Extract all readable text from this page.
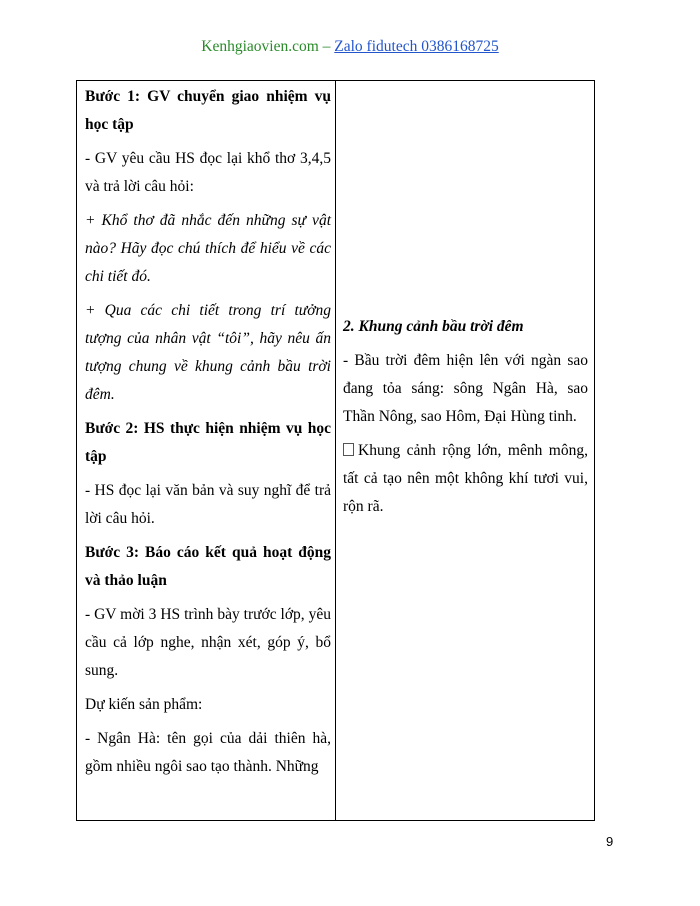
Kenhgiaovien.com – Zalo fidutech 0386168725

Bước 1: GV chuyển giao nhiệm vụ học tập

- GV yêu cầu HS đọc lại khổ thơ 3,4,5 và trả lời câu hỏi:

+ Khổ thơ đã nhắc đến những sự vật nào? Hãy đọc chú thích để hiểu về các chi tiết đó.

+ Qua các chi tiết trong trí tưởng tượng của nhân vật “tôi”, hãy nêu ấn tượng chung về khung cảnh bầu trời đêm.

Bước 2: HS thực hiện nhiệm vụ học tập

- HS đọc lại văn bản và suy nghĩ để trả lời câu hỏi.

Bước 3: Báo cáo kết quả hoạt động và thảo luận

- GV mời 3 HS trình bày trước lớp, yêu cầu cả lớp nghe, nhận xét, góp ý, bổ sung.

Dự kiến sản phẩm:

- Ngân Hà: tên gọi của dải thiên hà, gồm nhiều ngôi sao tạo thành. Những

2. Khung cảnh bầu trời đêm

- Bầu trời đêm hiện lên với ngàn sao đang tỏa sáng: sông Ngân Hà, sao Thần Nông, sao Hôm, Đại Hùng tinh.

Khung cảnh rộng lớn, mênh mông, tất cả tạo nên một không khí tươi vui, rộn rã.

9
